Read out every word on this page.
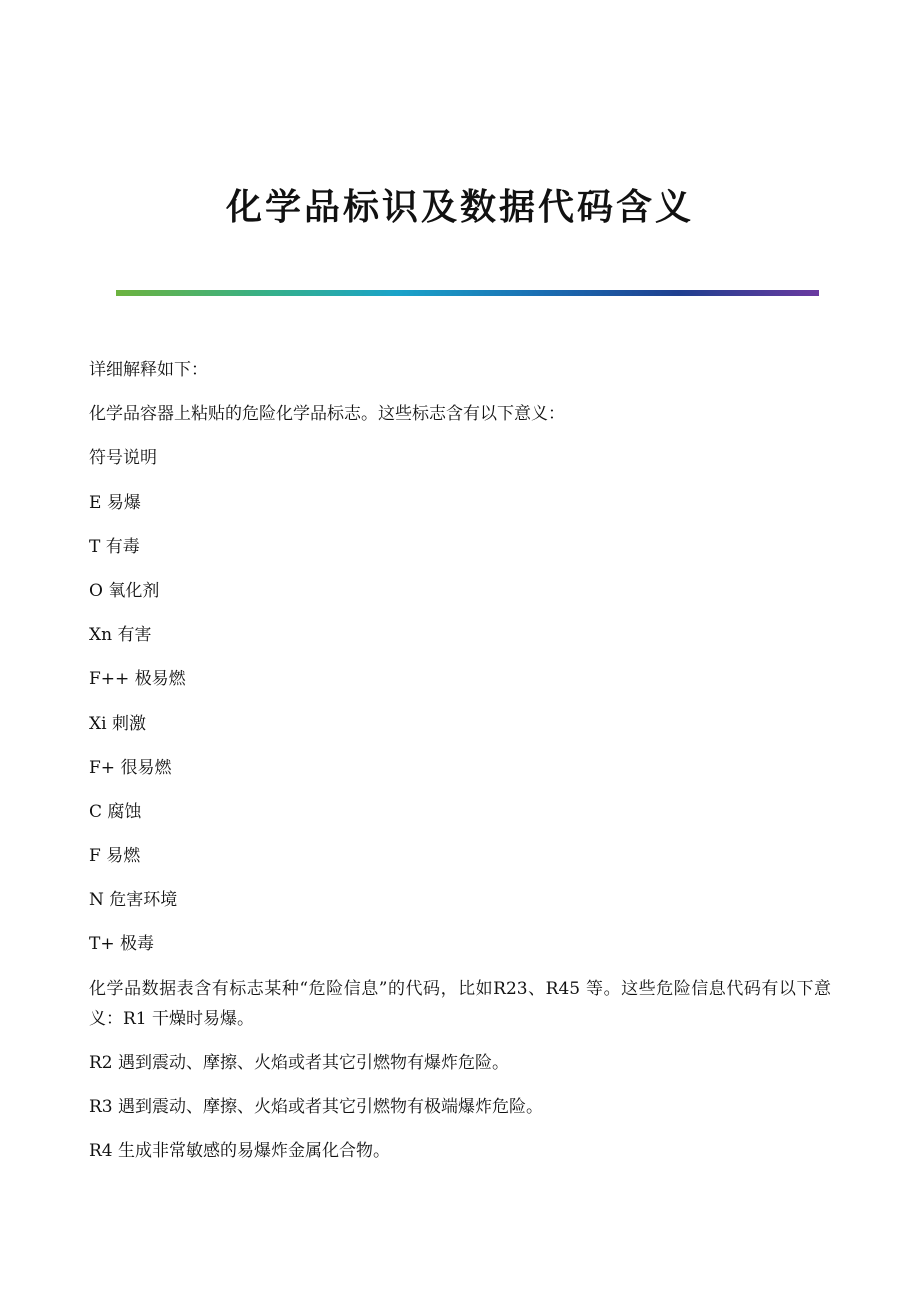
化学品标识及数据代码含义

详细解释如下：

化学品容器上粘贴的危险化学品标志。这些标志含有以下意义：

符号说明

E 易爆

T 有毒

O 氧化剂

Xn 有害

F++ 极易燃

Xi 刺激

F+ 很易燃

C 腐蚀

F 易燃

N 危害环境

T+ 极毒

化学品数据表含有标志某种“危险信息”的代码，比如R23、R45 等。这些危险信息代码有以下意义：R1 干燥时易爆。

R2 遇到震动、摩擦、火焰或者其它引燃物有爆炸危险。

R3 遇到震动、摩擦、火焰或者其它引燃物有极端爆炸危险。

R4 生成非常敏感的易爆炸金属化合物。
